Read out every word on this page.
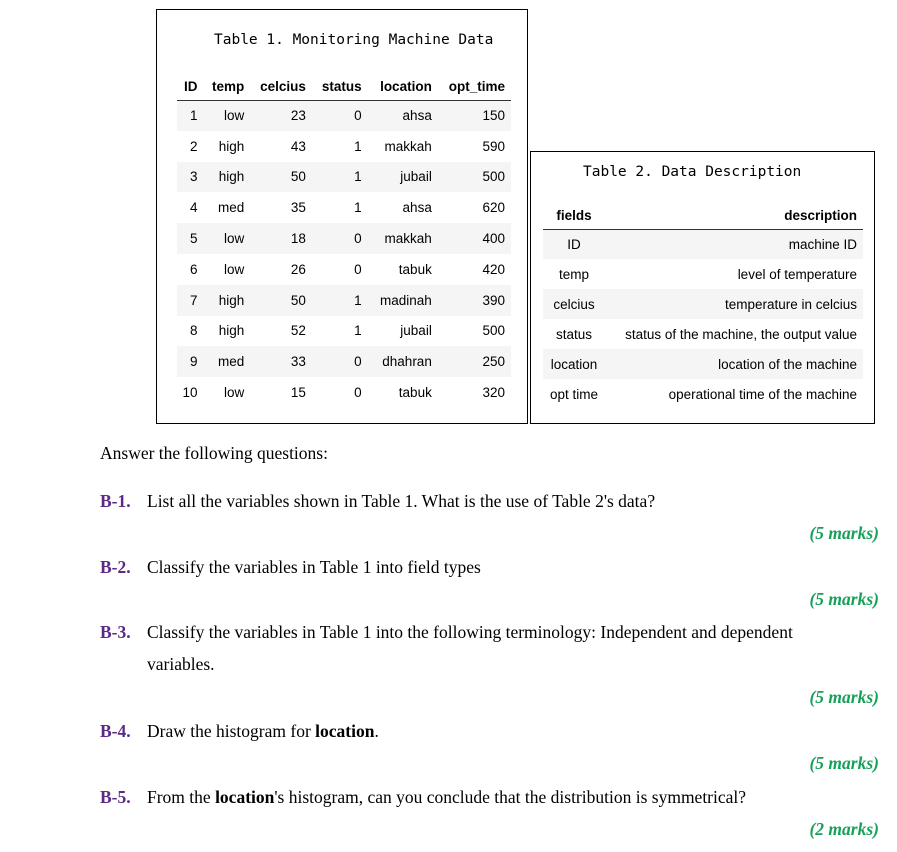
Table 1. Monitoring Machine Data
ID	temp	celcius	status	location	opt_time
1	low	23	0	ahsa	150
2	high	43	1	makkah	590
3	high	50	1	jubail	500
4	med	35	1	ahsa	620
5	low	18	0	makkah	400
6	low	26	0	tabuk	420
7	high	50	1	madinah	390
8	high	52	1	jubail	500
9	med	33	0	dhahran	250
10	low	15	0	tabuk	320
Table 2. Data Description
fields	description
ID	machine ID
temp	level of temperature
celcius	temperature in celcius
status	status of the machine, the output value
location	location of the machine
opt time	operational time of the machine
Answer the following questions:
B-1. List all the variables shown in Table 1. What is the use of Table 2's data?
(5 marks)
B-2. Classify the variables in Table 1 into field types
(5 marks)
B-3. Classify the variables in Table 1 into the following terminology: Independent and dependent variables.
(5 marks)
B-4. Draw the histogram for location.
(5 marks)
B-5. From the location's histogram, can you conclude that the distribution is symmetrical?
(2 marks)
